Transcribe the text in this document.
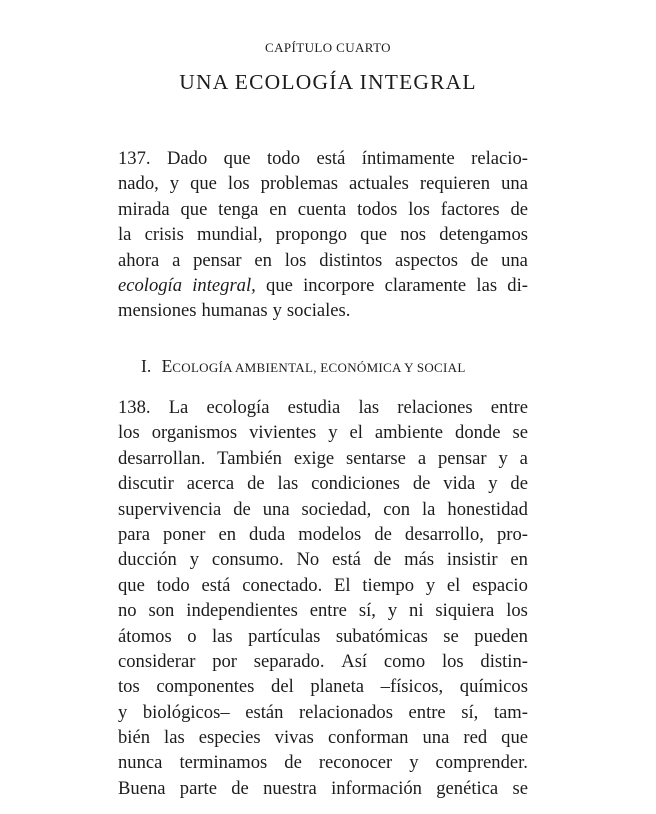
CAPÍTULO CUARTO
UNA ECOLOGÍA INTEGRAL
137. Dado que todo está íntimamente relacio-
nado, y que los problemas actuales requieren una
mirada que tenga en cuenta todos los factores de
la crisis mundial, propongo que nos detengamos
ahora a pensar en los distintos aspectos de una
ecología integral, que incorpore claramente las di-
mensiones humanas y sociales.
I. ECOLOGÍA AMBIENTAL, ECONÓMICA Y SOCIAL
138. La ecología estudia las relaciones entre
los organismos vivientes y el ambiente donde se
desarrollan. También exige sentarse a pensar y a
discutir acerca de las condiciones de vida y de
supervivencia de una sociedad, con la honestidad
para poner en duda modelos de desarrollo, pro-
ducción y consumo. No está de más insistir en
que todo está conectado. El tiempo y el espacio
no son independientes entre sí, y ni siquiera los
átomos o las partículas subatómicas se pueden
considerar por separado. Así como los distin-
tos componentes del planeta –físicos, químicos
y biológicos– están relacionados entre sí, tam-
bién las especies vivas conforman una red que
nunca terminamos de reconocer y comprender.
Buena parte de nuestra información genética se
